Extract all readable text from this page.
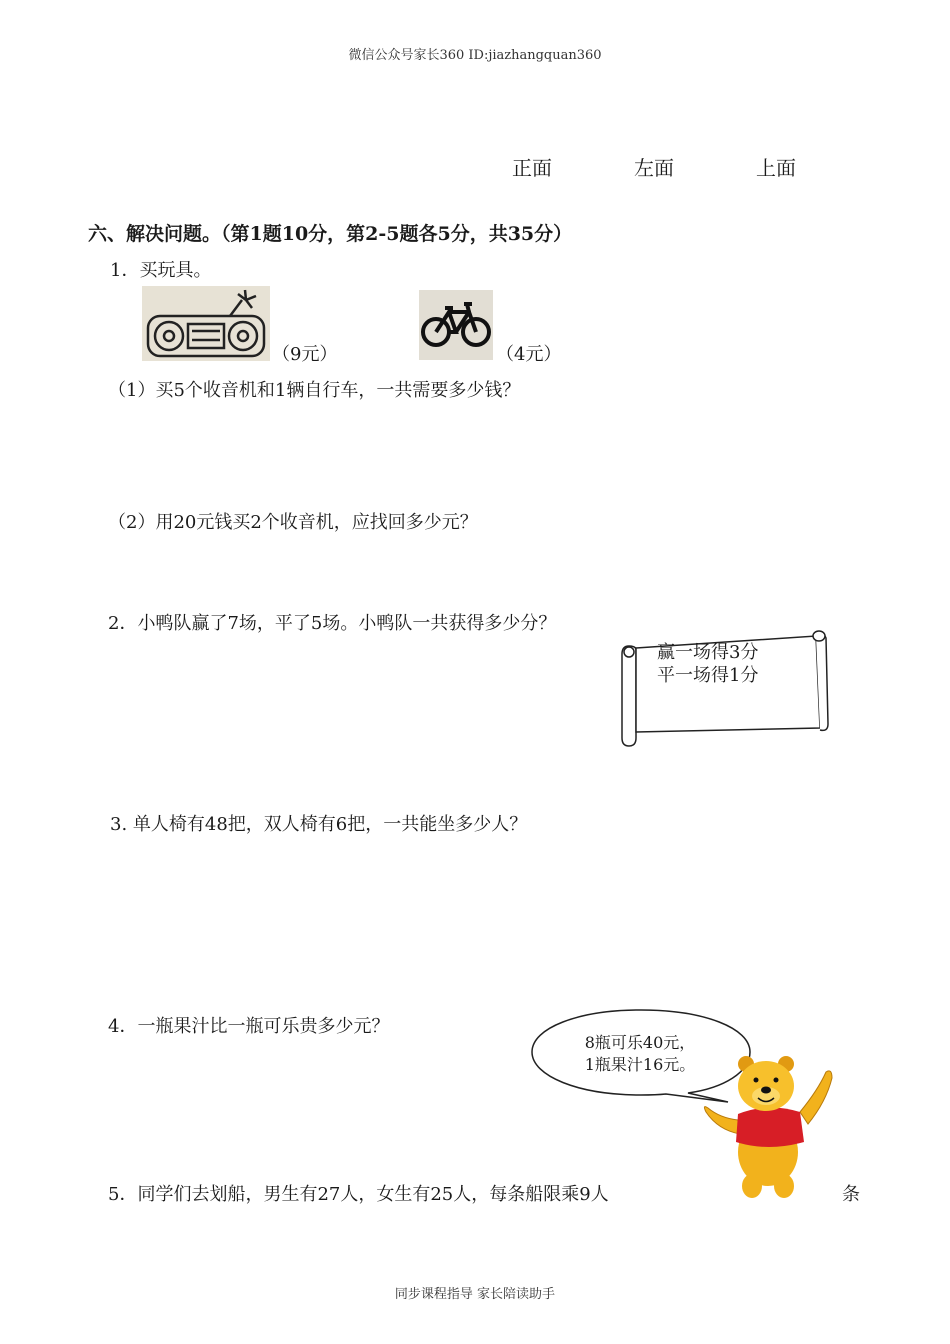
微信公众号家长360 ID:jiazhangquan360
正面	左面	上面
六、解决问题。（第1题10分，第2-5题各5分，共35分）
1．买玩具。
（9元）	（4元）
（1）买5个收音机和1辆自行车，一共需要多少钱？
（2）用20元钱买2个收音机，应找回多少元？
2．小鸭队赢了7场，平了5场。小鸭队一共获得多少分？
赢一场得3分
平一场得1分
3. 单人椅有48把，双人椅有6把，一共能坐多少人？
4．一瓶果汁比一瓶可乐贵多少元？
8瓶可乐40元，
1瓶果汁16元。
5．同学们去划船，男生有27人，女生有25人，每条船限乘9人	条
同步课程指导 家长陪读助手
